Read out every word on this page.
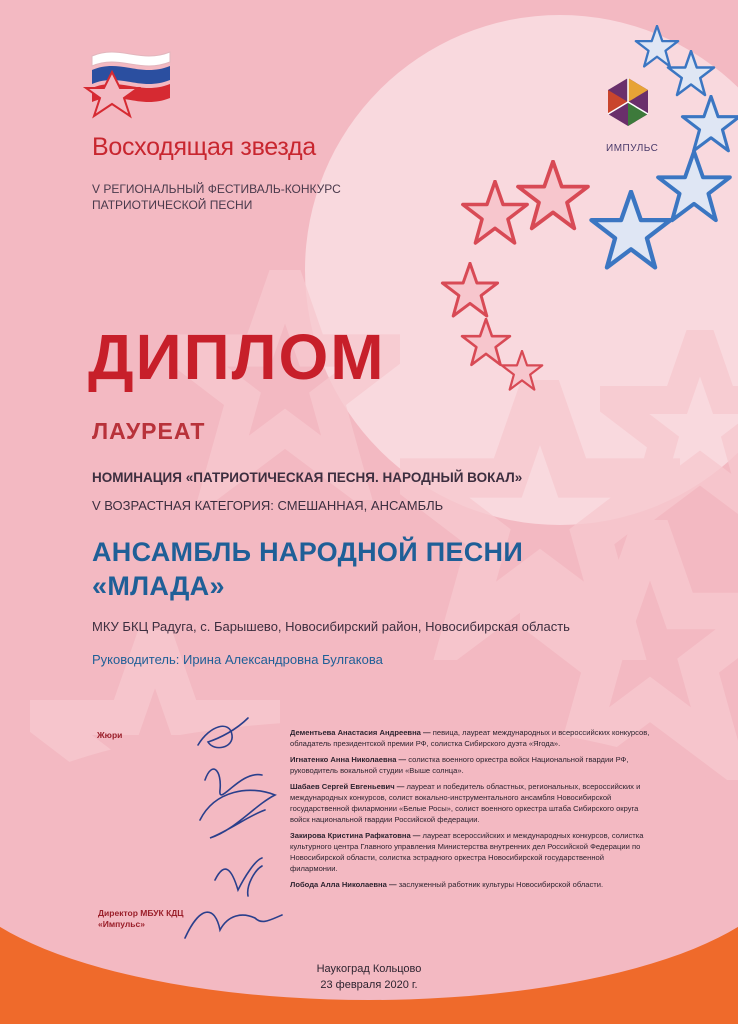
Восходящая звезда
V РЕГИОНАЛЬНЫЙ ФЕСТИВАЛЬ-КОНКУРС
ПАТРИОТИЧЕСКОЙ ПЕСНИ
ИМПУЛЬС
ДИПЛОМ
ЛАУРЕАТ
НОМИНАЦИЯ «ПАТРИОТИЧЕСКАЯ ПЕСНЯ. НАРОДНЫЙ ВОКАЛ»
V ВОЗРАСТНАЯ КАТЕГОРИЯ: СМЕШАННАЯ, АНСАМБЛЬ
АНСАМБЛЬ НАРОДНОЙ ПЕСНИ
«МЛАДА»
МКУ БКЦ Радуга, с. Барышево, Новосибирский район, Новосибирская область
Руководитель: Ирина Александровна Булгакова
Жюри	Дементьева Анастасия Андреевна — певица, лауреат международных и всероссийских конкурсов, обладатель президентской премии РФ, солистка Сибирского дуэта «Ягода».

Игнатенко Анна Николаевна — солистка военного оркестра войск Национальной гвардии РФ, руководитель вокальной студии «Выше солнца».

Шабаев Сергей Евгеньевич — лауреат и победитель областных, региональных, всероссийских и международных конкурсов, солист вокально-инструментального ансамбля Новосибирской государственной филармонии «Белые Росы», солист военного оркестра штаба Сибирского округа войск национальной гвардии Российской федерации.

Закирова Кристина Рафкатовна — лауреат всероссийских и международных конкурсов, солистка культурного центра Главного управления Министерства внутренних дел Российской Федерации по Новосибирской области, солистка эстрадного оркестра Новосибирской государственной филармонии.

Лобода Алла Николаевна — заслуженный работник культуры Новосибирской области.

Директор МБУК КДЦ «Импульс»
Наукоград Кольцово
23 февраля 2020 г.
